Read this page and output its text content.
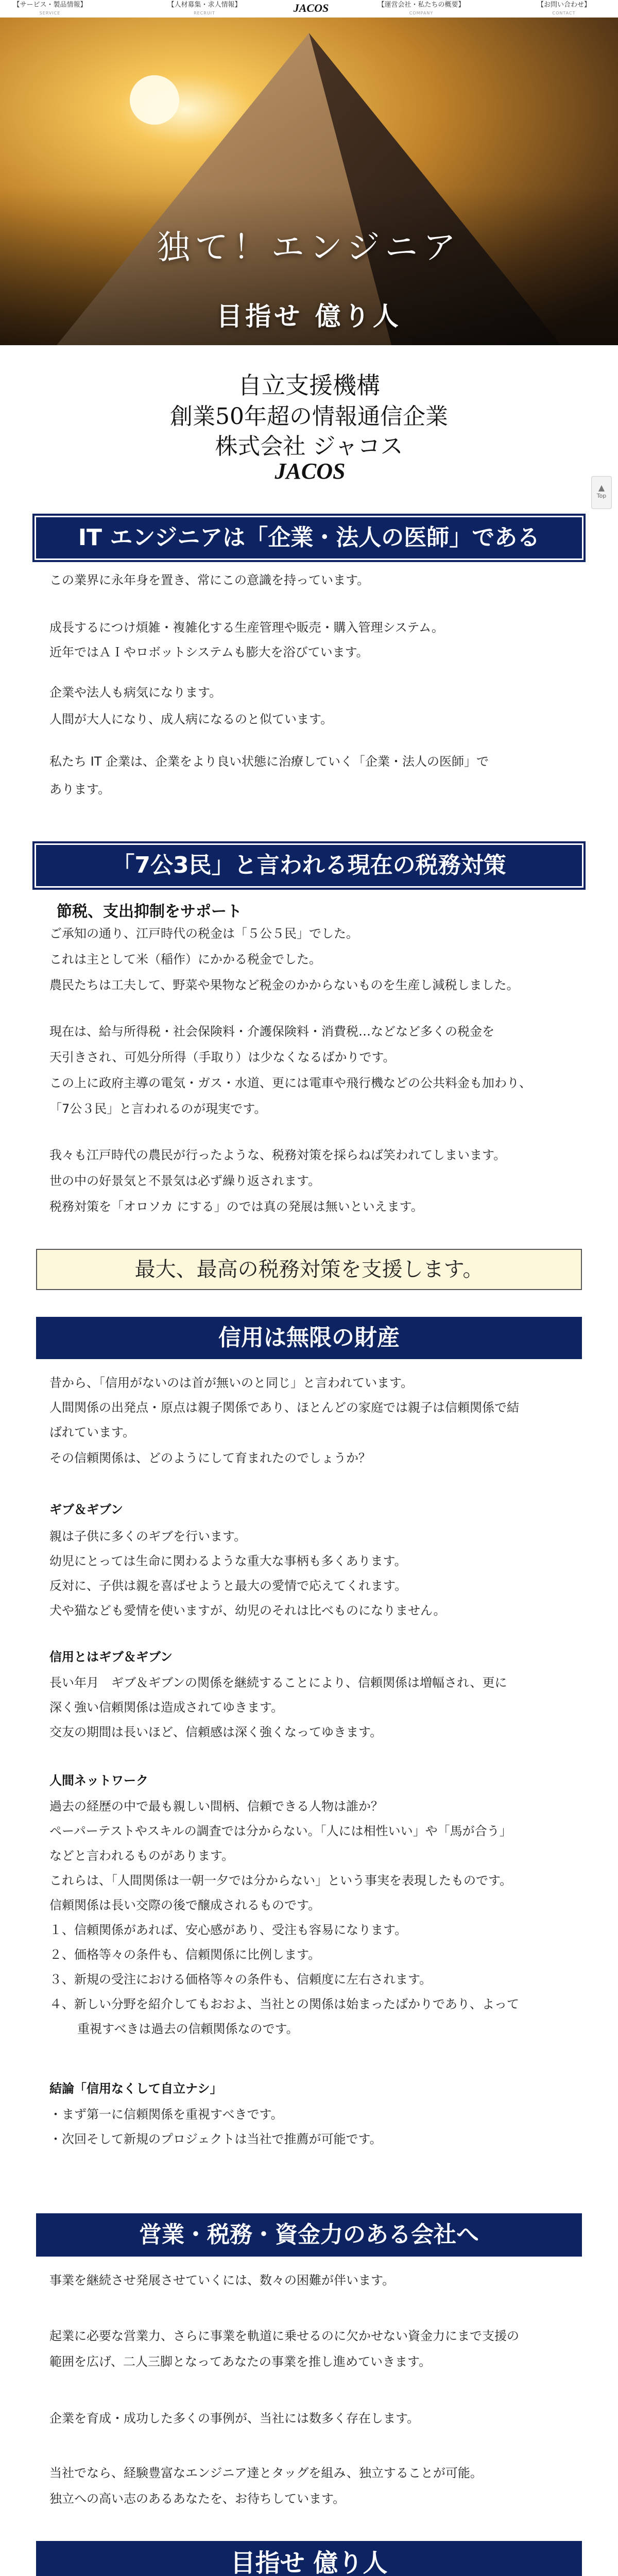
【サービス・製品情報】
SERVICE
【人材募集・求人情報】
RECRUIT	JACOS	【運営会社・私たちの概要】
COMPANY
【お問い合わせ】
CONTACT
独て！エンジニア
目指せ 億り人
自立支援機構
創業50年超の情報通信企業
株式会社 ジャコス
JACOS
▲
Top
IT エンジニアは「企業・法人の医師」である
この業界に永年身を置き、常にこの意識を持っています。
成長するにつけ煩雑・複雑化する生産管理や販売・購入管理システム。
近年ではＡＩやロボットシステムも膨大を浴びています。
企業や法人も病気になります。
人間が大人になり、成人病になるのと似ています。
私たち IT 企業は、企業をより良い状態に治療していく「企業・法人の医師」で
あります。
「7公3民」と言われる現在の税務対策
節税、支出抑制をサポート
ご承知の通り、江戸時代の税金は「５公５民」でした。
これは主として米（稲作）にかかる税金でした。
農民たちは工夫して、野菜や果物など税金のかからないものを生産し減税しました。
現在は、給与所得税・社会保険料・介護保険料・消費税…などなど多くの税金を
天引きされ、可処分所得（手取り）は少なくなるばかりです。
この上に政府主導の電気・ガス・水道、更には電車や飛行機などの公共料金も加わり、
「7公３民」と言われるのが現実です。
我々も江戸時代の農民が行ったような、税務対策を採らねば笑われてしまいます。
世の中の好景気と不景気は必ず繰り返されます。
税務対策を「オロソカ にする」のでは真の発展は無いといえます。
最大、最高の税務対策を支援します。
信用は無限の財産
昔から、「信用がないのは首が無いのと同じ」と言われています。
人間関係の出発点・原点は親子関係であり、ほとんどの家庭では親子は信頼関係で結
ばれています。
その信頼関係は、どのようにして育まれたのでしょうか？
ギブ＆ギブン
親は子供に多くのギブを行います。
幼児にとっては生命に関わるような重大な事柄も多くあります。
反対に、子供は親を喜ばせようと最大の愛情で応えてくれます。
犬や猫なども愛情を使いますが、幼児のそれは比べものになりません。
信用とはギブ＆ギブン
長い年月　ギブ＆ギブンの関係を継続することにより、信頼関係は増幅され、更に
深く強い信頼関係は造成されてゆきます。
交友の期間は長いほど、信頼感は深く強くなってゆきます。
人間ネットワーク
過去の経歴の中で最も親しい間柄、信頼できる人物は誰か？
ペーパーテストやスキルの調査では分からない。「人には相性いい」や「馬が合う」
などと言われるものがあります。
これらは、「人間関係は一朝一夕では分からない」という事実を表現したものです。
信頼関係は長い交際の後で醸成されるものです。
１、信頼関係があれば、安心感があり、受注も容易になります。
２、価格等々の条件も、信頼関係に比例します。
３、新規の受注における価格等々の条件も、信頼度に左右されます。
４、新しい分野を紹介してもおおよ、当社との関係は始まったばかりであり、よって
重視すべきは過去の信頼関係なのです。
結論「信用なくして自立ナシ」
・まず第一に信頼関係を重視すべきです。
・次回そして新規のプロジェクトは当社で推薦が可能です。
営業・税務・資金力のある会社へ
事業を継続させ発展させていくには、数々の困難が伴います。
起業に必要な営業力、さらに事業を軌道に乗せるのに欠かせない資金力にまで支援の
範囲を広げ、二人三脚となってあなたの事業を推し進めていきます。
企業を育成・成功した多くの事例が、当社には数多く存在します。
当社でなら、経験豊富なエンジニア達とタッグを組み、独立することが可能。
独立への高い志のあるあなたを、お待ちしています。
目指せ 億り人
